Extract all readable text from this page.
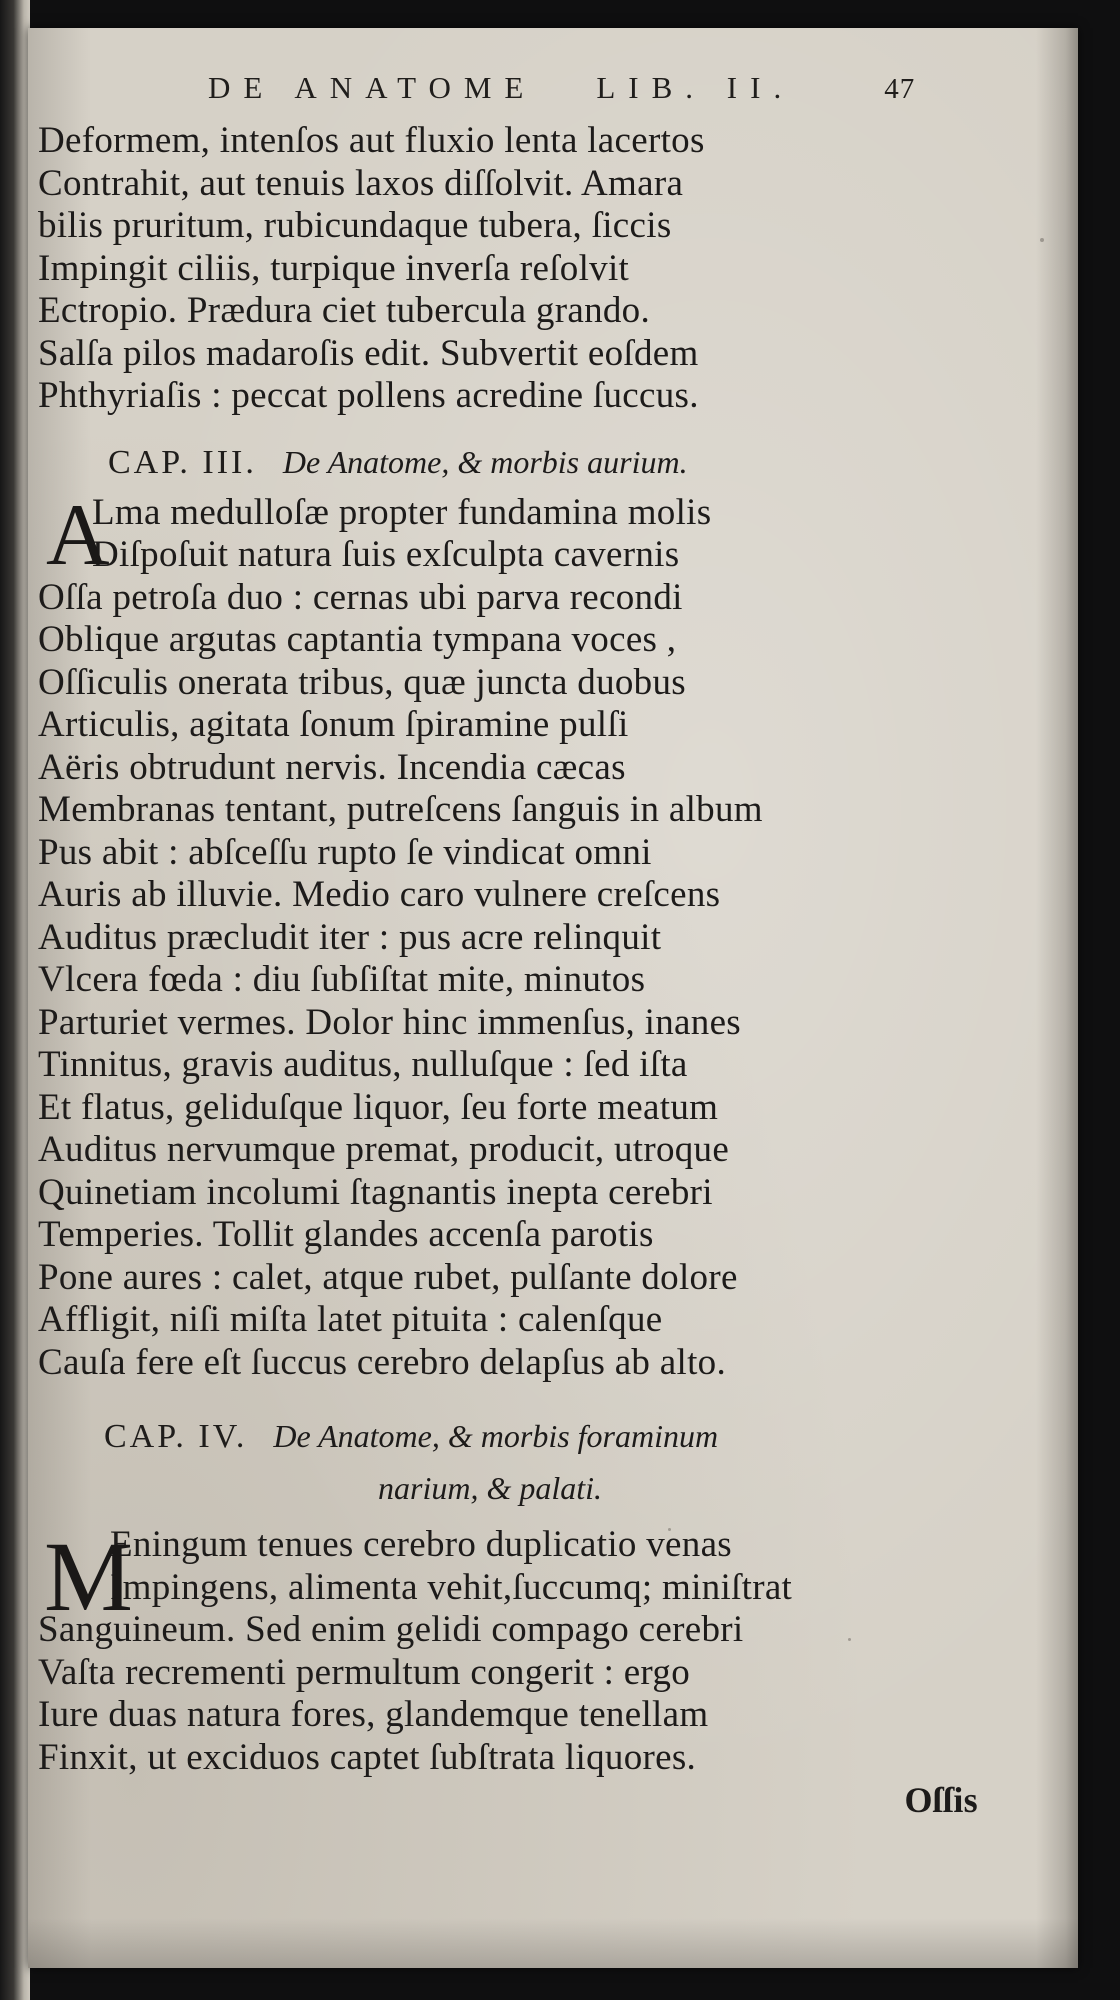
DE ANATOME LIB. II.	47
Deformem, intenſos aut fluxio lenta lacertos
Contrahit, aut tenuis laxos diſſolvit. Amara
bilis pruritum, rubicundaque tubera, ſiccis
Impingit ciliis, turpique inverſa reſolvit
Ectropio. Prædura ciet tubercula grando.
Salſa pilos madaroſis edit. Subvertit eoſdem
Phthyriaſis : peccat pollens acredine ſuccus.
CAP. III. De Anatome, & morbis aurium.
A
Lma medulloſæ propter fundamina molis
Diſpoſuit natura ſuis exſculpta cavernis
Oſſa petroſa duo : cernas ubi parva recondi
Oblique argutas captantia tympana voces ,
Oſſiculis onerata tribus, quæ juncta duobus
Articulis, agitata ſonum ſpiramine pulſi
Aëris obtrudunt nervis. Incendia cæcas
Membranas tentant, putreſcens ſanguis in album
Pus abit : abſceſſu rupto ſe vindicat omni
Auris ab illuvie. Medio caro vulnere creſcens
Auditus præcludit iter : pus acre relinquit
Vlcera fœda : diu ſubſiſtat mite, minutos
Parturiet vermes. Dolor hinc immenſus, inanes
Tinnitus, gravis auditus, nulluſque : ſed iſta
Et flatus, geliduſque liquor, ſeu forte meatum
Auditus nervumque premat, producit, utroque
Quinetiam incolumi ſtagnantis inepta cerebri
Temperies. Tollit glandes accenſa parotis
Pone aures : calet, atque rubet, pulſante dolore
Affligit, niſi miſta latet pituita : calenſque
Cauſa fere eſt ſuccus cerebro delapſus ab alto.
CAP. IV. De Anatome, & morbis foraminum
narium, & palati.
M
Eningum tenues cerebro duplicatio venas
Impingens, alimenta vehit,ſuccumq; miniſtrat
Sanguineum. Sed enim gelidi compago cerebri
Vaſta recrementi permultum congerit : ergo
Iure duas natura fores, glandemque tenellam
Finxit, ut exciduos captet ſubſtrata liquores.
Oſſis
